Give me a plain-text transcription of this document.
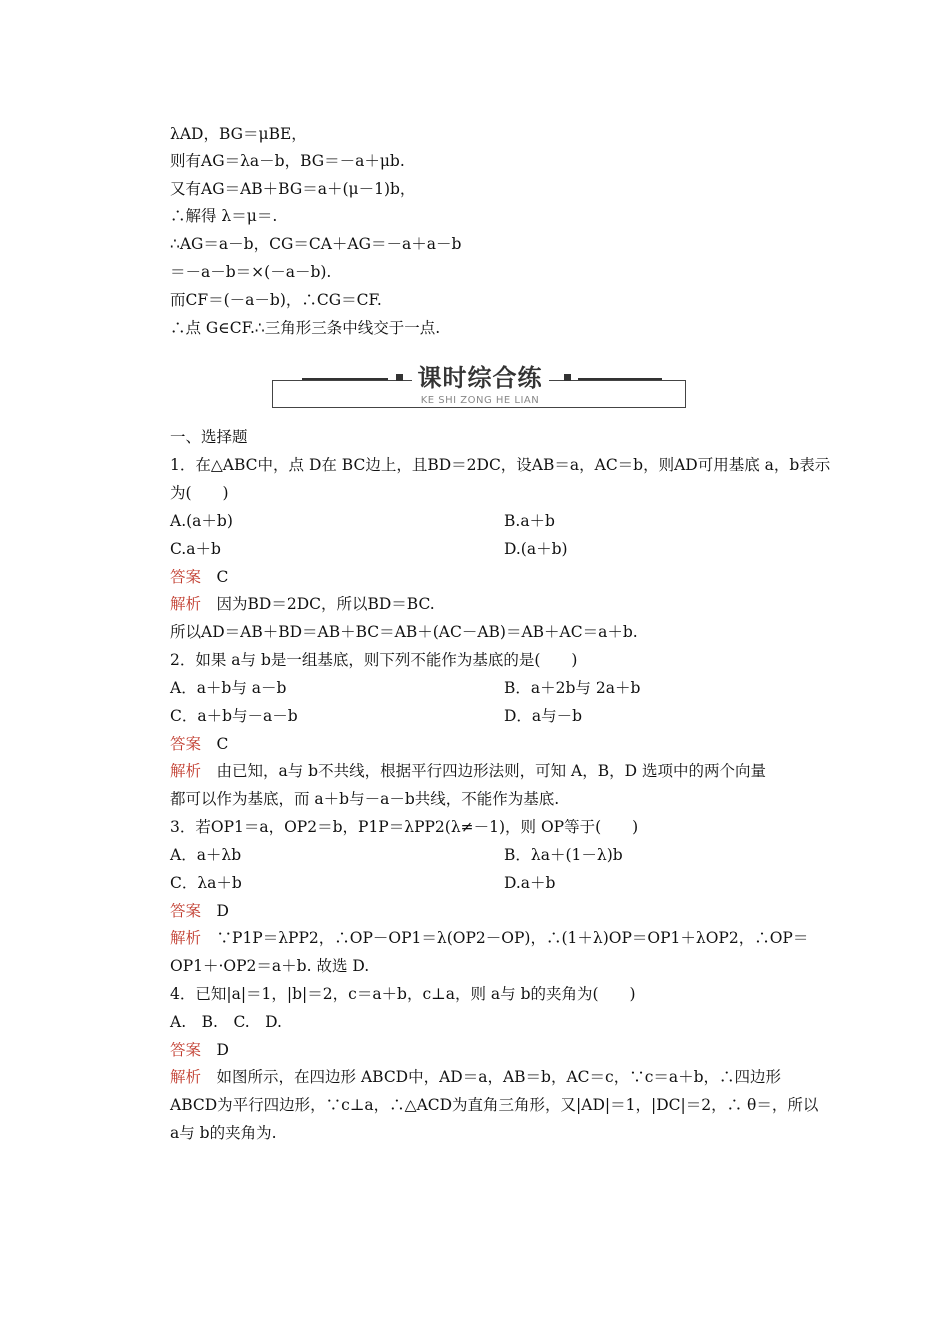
λAD，BG＝μBE，
则有AG＝λa－b，BG＝－a＋μb.
又有AG＝AB＋BG＝a＋(μ－1)b，
∴解得 λ＝μ＝.
∴AG＝a－b，CG＝CA＋AG＝－a＋a－b
＝－a－b＝×(－a－b).
而CF＝(－a－b)，∴CG＝CF.
∴点 G∈CF.∴三角形三条中线交于一点.
课时综合练
KE SHI ZONG HE LIAN
一、选择题
1．在△ABC中，点 D在 BC边上，且BD＝2DC，设AB＝a，AC＝b，则AD可用基底 a，b表示
为(　　)
A.(a＋b)	B.a＋b
C.a＋b	D.(a＋b)
答案　C
解析　因为BD＝2DC，所以BD＝BC.
所以AD＝AB＋BD＝AB＋BC＝AB＋(AC－AB)＝AB＋AC＝a＋b.
2．如果 a与 b是一组基底，则下列不能作为基底的是(　　)
A．a＋b与 a－b	B．a＋2b与 2a＋b
C．a＋b与－a－b	D．a与－b
答案　C
解析　由已知，a与 b不共线，根据平行四边形法则，可知 A，B，D 选项中的两个向量
都可以作为基底，而 a＋b与－a－b共线，不能作为基底.
3．若OP1＝a，OP2＝b，P1P＝λPP2(λ≠－1)，则 OP等于(　　)
A．a＋λb	B．λa＋(1－λ)b
C．λa＋b	D.a＋b
答案　D
解析　∵P1P＝λPP2，∴OP－OP1＝λ(OP2－OP)，∴(1＋λ)OP＝OP1＋λOP2，∴OP＝
OP1＋·OP2＝a＋b. 故选 D.
4．已知|a|＝1，|b|＝2，c＝a＋b，c⊥a，则 a与 b的夹角为(　　)
A.　B.　C.　D.
答案　D
解析　如图所示，在四边形 ABCD中，AD＝a，AB＝b，AC＝c，∵c＝a＋b，∴四边形
ABCD为平行四边形，∵c⊥a，∴△ACD为直角三角形，又|AD|＝1，|DC|＝2，∴ θ＝，所以
a与 b的夹角为.
